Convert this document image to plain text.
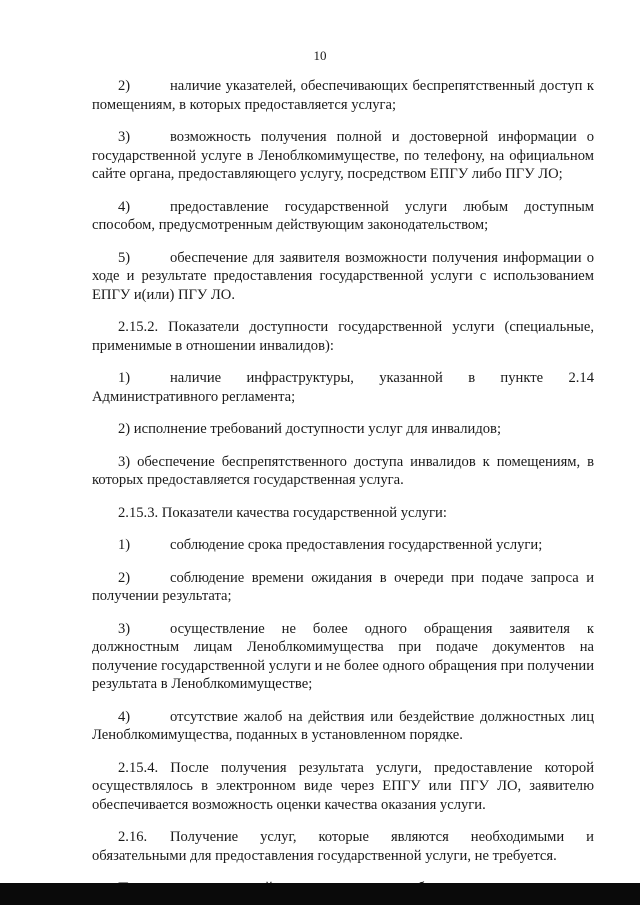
10

2)	наличие указателей, обеспечивающих беспрепятственный доступ к помещениям, в которых предоставляется услуга;

3)	возможность получения полной и достоверной информации о государственной услуге в Леноблкомимуществе, по телефону, на официальном сайте органа, предоставляющего услугу, посредством ЕПГУ либо ПГУ ЛО;

4)	предоставление государственной услуги любым доступным способом, предусмотренным действующим законодательством;

5)	обеспечение для заявителя возможности получения информации о ходе и результате предоставления государственной услуги с использованием ЕПГУ и(или) ПГУ ЛО.

2.15.2. Показатели доступности государственной услуги (специальные, применимые в отношении инвалидов):

1)	наличие инфраструктуры, указанной в пункте 2.14 Административного регламента;

2) исполнение требований доступности услуг для инвалидов;

3) обеспечение беспрепятственного доступа инвалидов к помещениям, в которых предоставляется государственная услуга.

2.15.3. Показатели качества государственной услуги:

1)	соблюдение срока предоставления государственной услуги;

2)	соблюдение времени ожидания в очереди при подаче запроса и получении результата;

3)	осуществление не более одного обращения заявителя к должностным лицам Леноблкомимущества при подаче документов на получение государственной услуги и не более одного обращения при получении результата в Леноблкомимуществе;

4)	отсутствие жалоб на действия или бездействие должностных лиц Леноблкомимущества, поданных в установленном порядке.

2.15.4. После получения результата услуги, предоставление которой осуществлялось в электронном виде через ЕПГУ или ПГУ ЛО, заявителю обеспечивается возможность оценки качества оказания услуги.

2.16. Получение услуг, которые являются необходимыми и обязательными для предоставления государственной услуги, не требуется.
